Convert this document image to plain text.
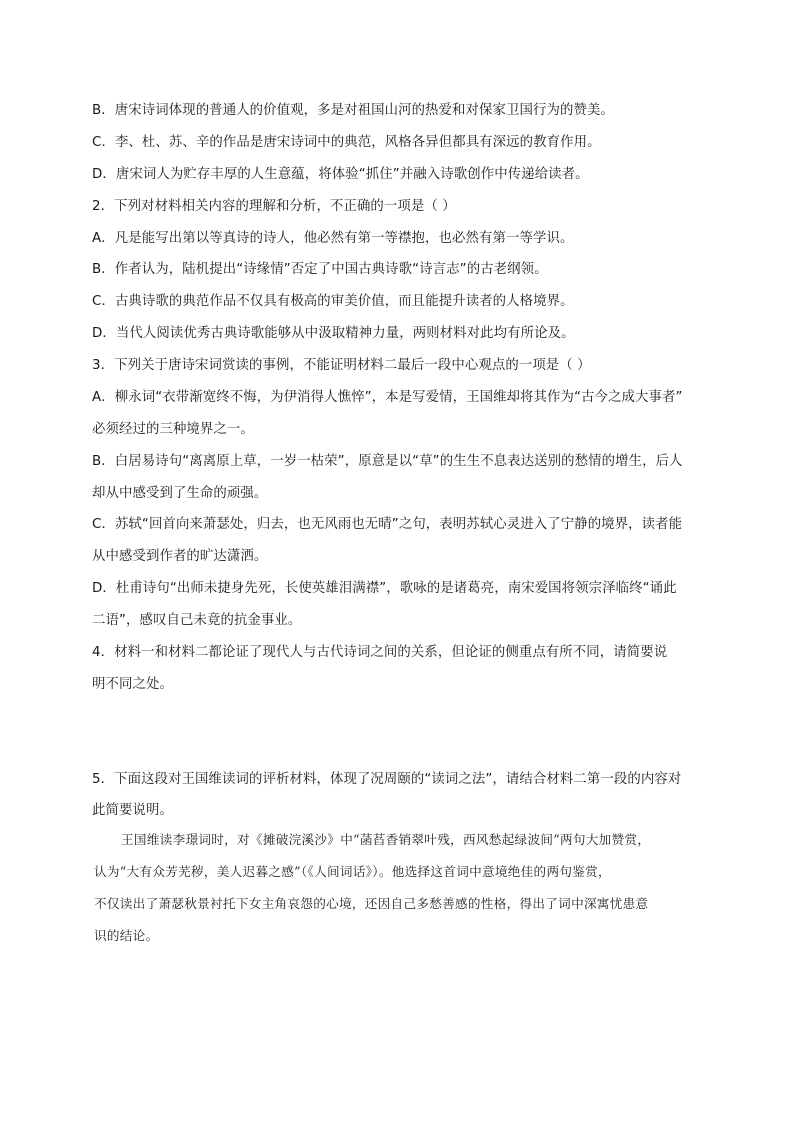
B．唐宋诗词体现的普通人的价值观，多是对祖国山河的热爱和对保家卫国行为的赞美。
C．李、杜、苏、辛的作品是唐宋诗词中的典范，风格各异但都具有深远的教育作用。
D．唐宋词人为贮存丰厚的人生意蕴，将体验“抓住”并融入诗歌创作中传递给读者。
2．下列对材料相关内容的理解和分析，不正确的一项是（ ）
A．凡是能写出第以等真诗的诗人，他必然有第一等襟抱，也必然有第一等学识。
B．作者认为，陆机提出“诗缘情”否定了中国古典诗歌“诗言志”的古老纲领。
C．古典诗歌的典范作品不仅具有极高的审美价值，而且能提升读者的人格境界。
D．当代人阅读优秀古典诗歌能够从中汲取精神力量，两则材料对此均有所论及。
3．下列关于唐诗宋词赏读的事例，不能证明材料二最后一段中心观点的一项是（ ）
A．柳永词“衣带渐宽终不悔，为伊消得人憔悴”，本是写爱情，王国维却将其作为“古今之成大事者”
必须经过的三种境界之一。
B．白居易诗句“离离原上草，一岁一枯荣”，原意是以“草”的生生不息表达送别的愁情的增生，后人
却从中感受到了生命的顽强。
C．苏轼“回首向来萧瑟处，归去，也无风雨也无晴”之句，表明苏轼心灵进入了宁静的境界，读者能
从中感受到作者的旷达潇洒。
D．杜甫诗句“出师未捷身先死，长使英雄泪满襟”，歌咏的是诸葛亮，南宋爱国将领宗泽临终“诵此
二语”，感叹自己未竟的抗金事业。
4．材料一和材料二都论证了现代人与古代诗词之间的关系，但论证的侧重点有所不同，请简要说
明不同之处。
5．下面这段对王国维读词的评析材料，体现了况周颐的“读词之法”，请结合材料二第一段的内容对
此简要说明。
王国维读李璟词时，对《摊破浣溪沙》中“菡萏香销翠叶残，西风愁起绿波间”两句大加赞赏，
认为“大有众芳芜秽，美人迟暮之感”（《人间词话》）。他选择这首词中意境绝佳的两句鉴赏，
不仅读出了萧瑟秋景衬托下女主角哀怨的心境，还因自己多愁善感的性格，得出了词中深寓忧患意
识的结论。
